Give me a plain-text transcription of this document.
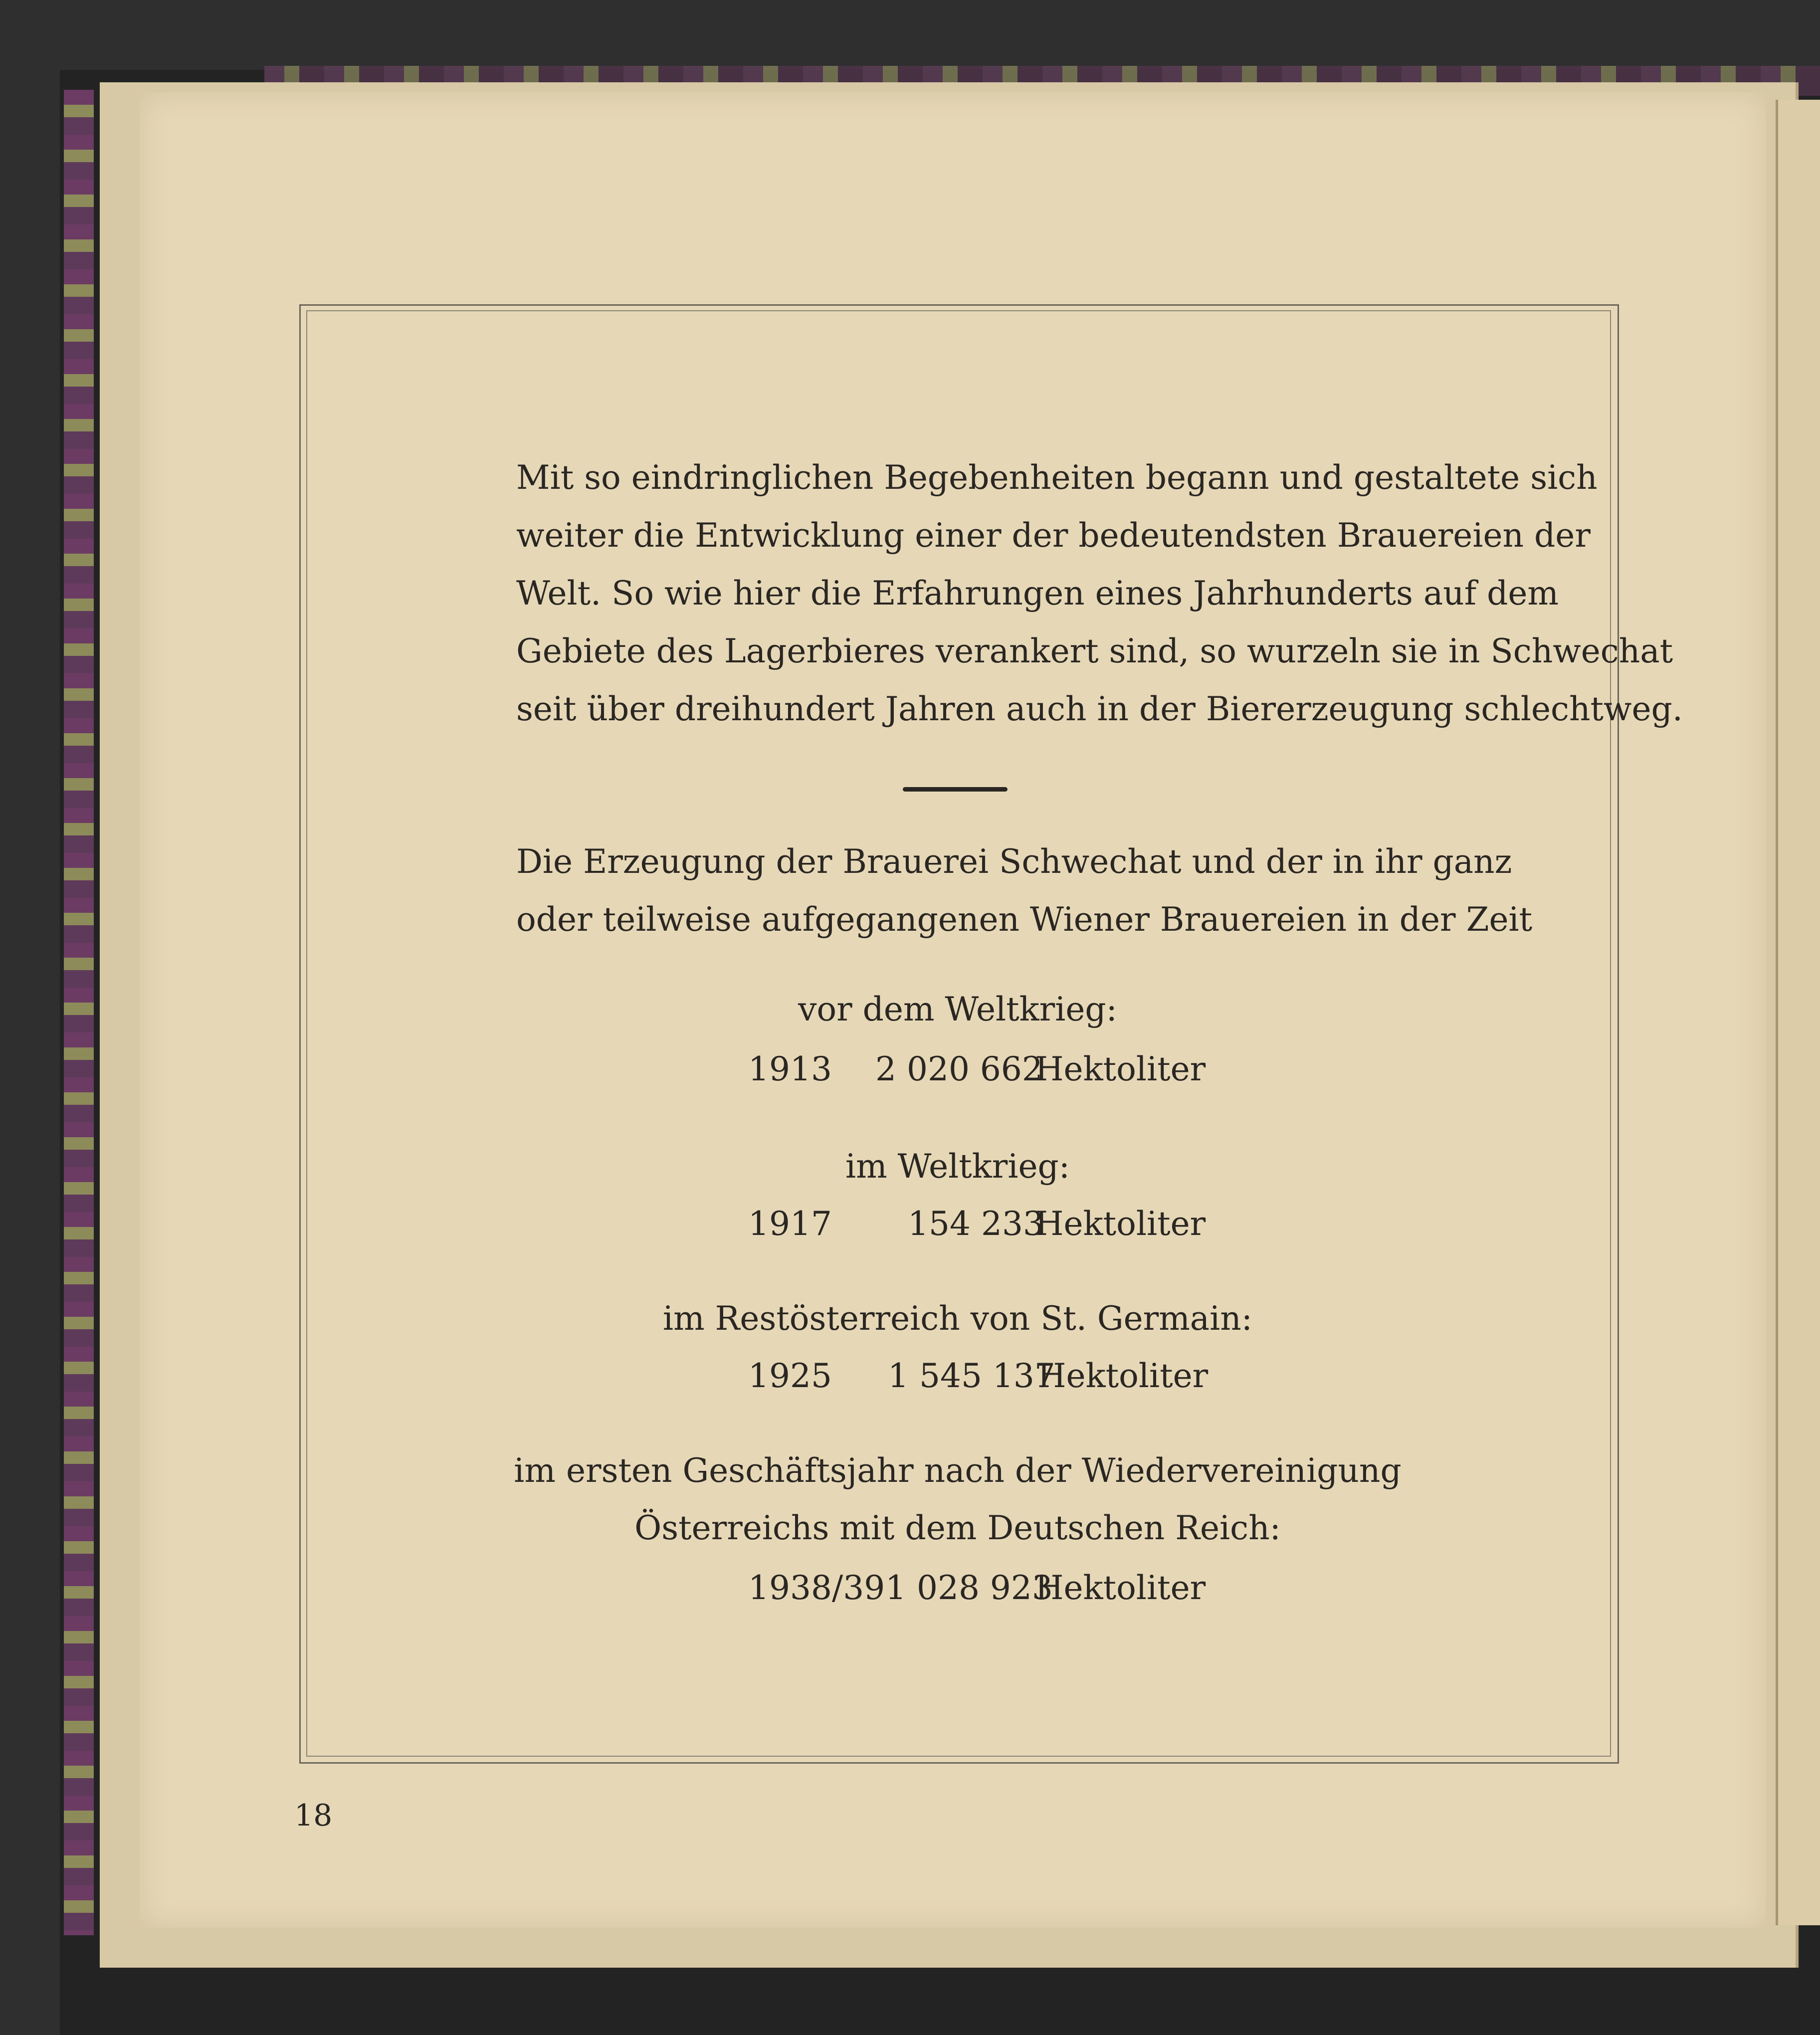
Mit so eindringlichen Begebenheiten begann und gestaltete sich
weiter die Entwicklung einer der bedeutendsten Brauereien der
Welt. So wie hier die Erfahrungen eines Jahrhunderts auf dem
Gebiete des Lagerbieres verankert sind, so wurzeln sie in Schwechat
seit über dreihundert Jahren auch in der Biererzeugung schlechtweg.
Die Erzeugung der Brauerei Schwechat und der in ihr ganz
oder teilweise aufgegangenen Wiener Brauereien in der Zeit
vor dem Weltkrieg:
1913 2 020 662
Hektoliter
im Weltkrieg:
1917 154 233
Hektoliter
im Restösterreich von St. Germain:
1925 1 545 137
Hektoliter
im ersten Geschäftsjahr nach der Wiedervereinigung
Österreichs mit dem Deutschen Reich:
1938/39 1 028 923
Hektoliter
18
